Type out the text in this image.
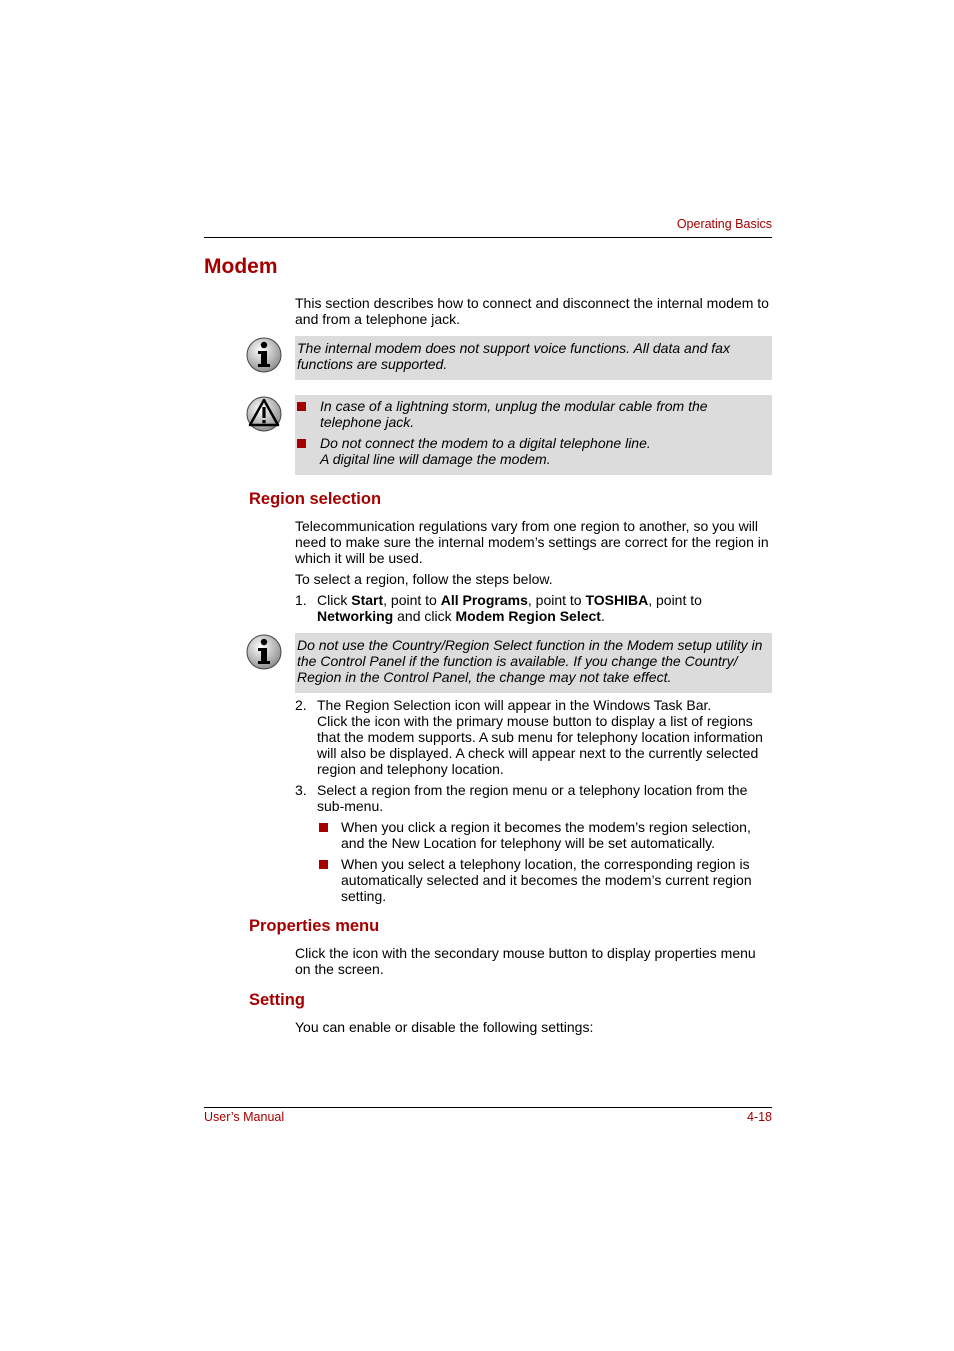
Operating Basics
Modem

This section describes how to connect and disconnect the internal modem to and from a telephone jack.

The internal modem does not support voice functions. All data and fax functions are supported.
In case of a lightning storm, unplug the modular cable from the telephone jack.
Do not connect the modem to a digital telephone line.
A digital line will damage the modem.
Region selection

Telecommunication regulations vary from one region to another, so you will need to make sure the internal modem’s settings are correct for the region in which it will be used.

To select a region, follow the steps below.

1. Click Start, point to All Programs, point to TOSHIBA, point to
Networking and click Modem Region Select.
Do not use the Country/Region Select function in the Modem setup utility in the Control Panel if the function is available. If you change the Country/ Region in the Control Panel, the change may not take effect.
2. The Region Selection icon will appear in the Windows Task Bar.
Click the icon with the primary mouse button to display a list of regions that the modem supports. A sub menu for telephony location information will also be displayed. A check will appear next to the currently selected region and telephony location.
3. Select a region from the region menu or a telephony location from the sub-menu.
When you click a region it becomes the modem’s region selection, and the New Location for telephony will be set automatically.
When you select a telephony location, the corresponding region is automatically selected and it becomes the modem’s current region setting.
Properties menu

Click the icon with the secondary mouse button to display properties menu on the screen.

Setting

You can enable or disable the following settings:

User’s Manual	4-18
